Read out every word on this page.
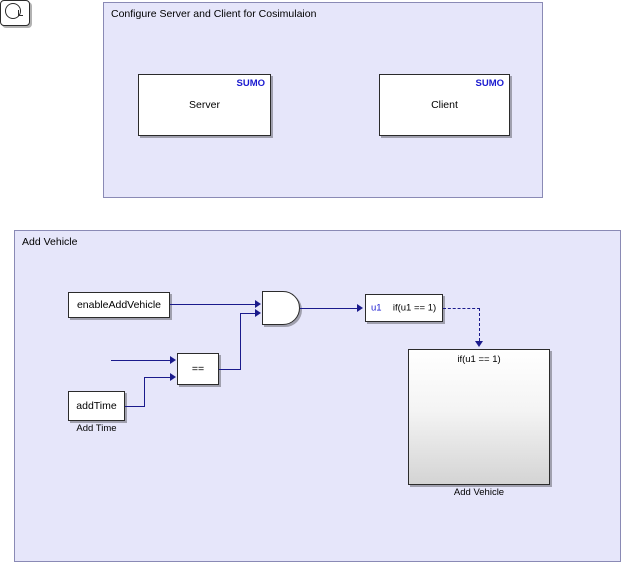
Configure Server and Client for Cosimulaion
SUMO
Server
SUMO
Client
Add Vehicle
enableAddVehicle
addTime
Add Time
==
u1 if(u1 == 1)
if(u1 == 1)
Add Vehicle
